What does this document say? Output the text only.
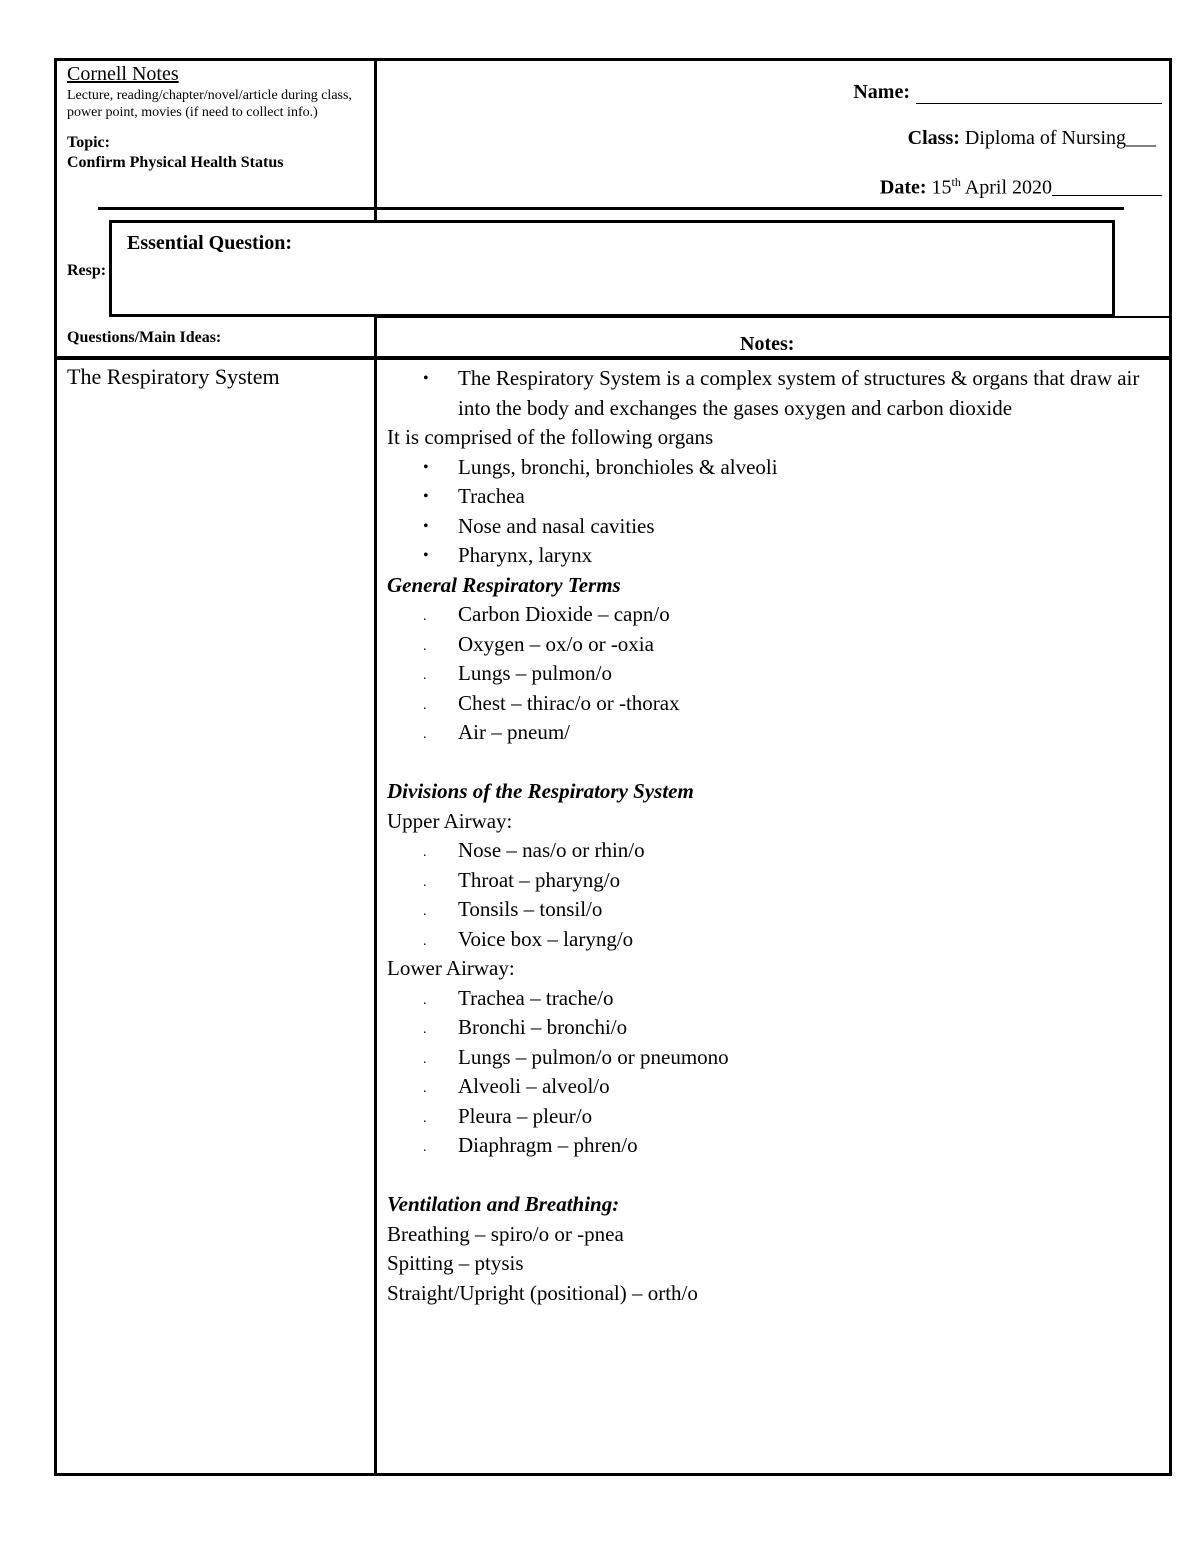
Cornell Notes
Lecture, reading/chapter/novel/article during class, power point, movies (if need to collect info.)
Topic:
Confirm Physical Health Status
Name:
Class: Diploma of Nursing___
Date: 15th April 2020___________
Resp:
Essential Question:
Questions/Main Ideas:	Notes:
The Respiratory System	• The Respiratory System is a complex system of structures & organs that draw air into the body and exchanges the gases oxygen and carbon dioxide
It is comprised of the following organs
• Lungs, bronchi, bronchioles & alveoli
• Trachea
• Nose and nasal cavities
• Pharynx, larynx
General Respiratory Terms
. Carbon Dioxide – capn/o
. Oxygen – ox/o or -oxia
. Lungs – pulmon/o
. Chest – thirac/o or -thorax
. Air – pneum/
Divisions of the Respiratory System
Upper Airway:
. Nose – nas/o or rhin/o
. Throat – pharyng/o
. Tonsils – tonsil/o
. Voice box – laryng/o
Lower Airway:
. Trachea – trache/o
. Bronchi – bronchi/o
. Lungs – pulmon/o or pneumono
. Alveoli – alveol/o
. Pleura – pleur/o
. Diaphragm – phren/o
Ventilation and Breathing:
Breathing – spiro/o or -pnea
Spitting – ptysis
Straight/Upright (positional) – orth/o
